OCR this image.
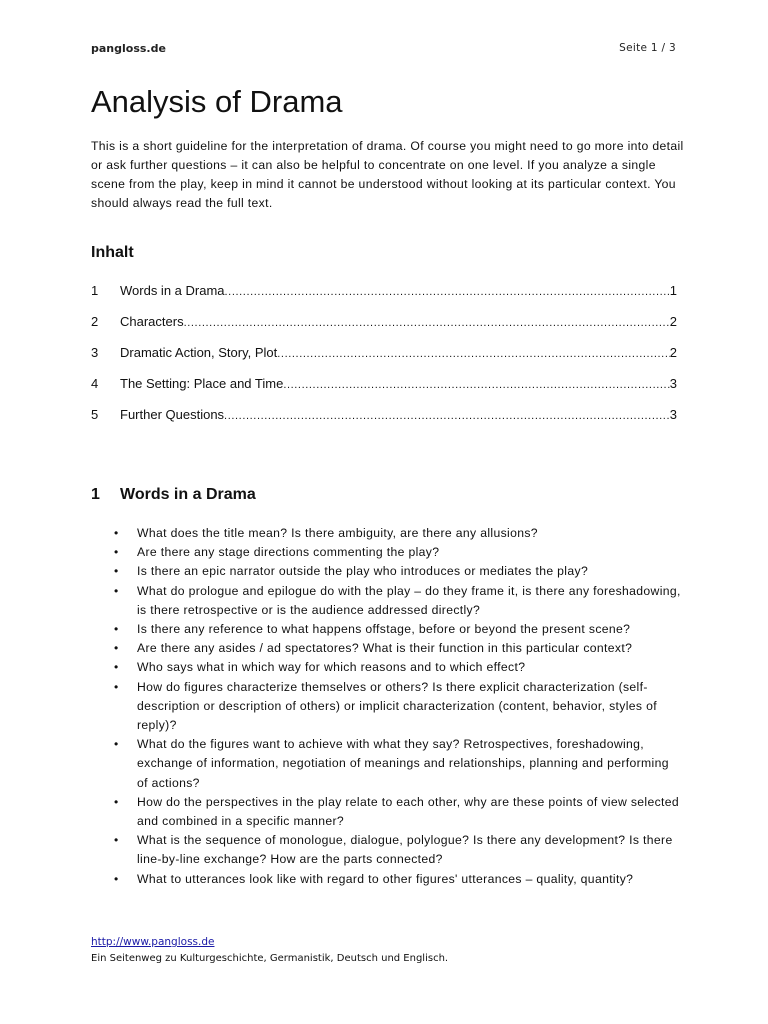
pangloss.de	Seite 1 / 3
Analysis of Drama

This is a short guideline for the interpretation of drama. Of course you might need to go more into detail or ask further questions – it can also be helpful to concentrate on one level. If you analyze a single scene from the play, keep in mind it cannot be understood without looking at its particular context. You should always read the full text.

Inhalt
1	Words in a Drama .....	1
2	Characters .....	2
3	Dramatic Action, Story, Plot .....	2
4	The Setting: Place and Time .....	3
5	Further Questions .....	3
1 Words in a Drama
• What does the title mean? Is there ambiguity, are there any allusions?
• Are there any stage directions commenting the play?
• Is there an epic narrator outside the play who introduces or mediates the play?
• What do prologue and epilogue do with the play – do they frame it, is there any foreshadowing, is there retrospective or is the audience addressed directly?
• Is there any reference to what happens offstage, before or beyond the present scene?
• Are there any asides / ad spectatores? What is their function in this particular context?
• Who says what in which way for which reasons and to which effect?
• How do figures characterize themselves or others? Is there explicit characterization (self-description or description of others) or implicit characterization (content, behavior, styles of reply)?
• What do the figures want to achieve with what they say? Retrospectives, foreshadowing, exchange of information, negotiation of meanings and relationships, planning and performing of actions?
• How do the perspectives in the play relate to each other, why are these points of view selected and combined in a specific manner?
• What is the sequence of monologue, dialogue, polylogue? Is there any development? Is there line-by-line exchange? How are the parts connected?
• What to utterances look like with regard to other figures' utterances – quality, quantity?
http://www.pangloss.de
Ein Seitenweg zu Kulturgeschichte, Germanistik, Deutsch und Englisch.
